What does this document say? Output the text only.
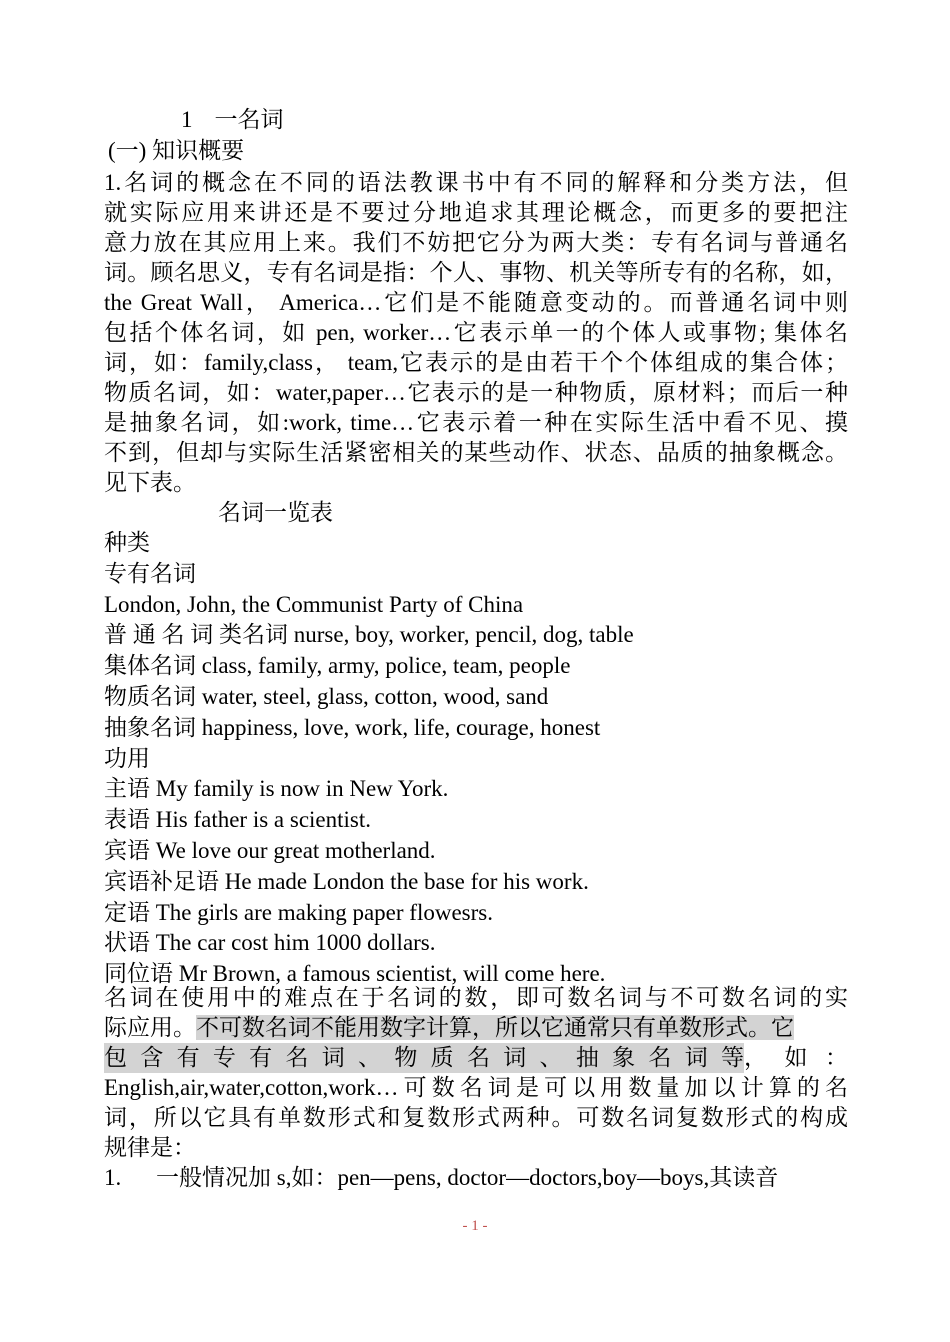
1 一名词
(一) 知识概要
1.名词的概念在不同的语法教课书中有不同的解释和分类方法，但
就实际应用来讲还是不要过分地追求其理论概念，而更多的要把注
意力放在其应用上来。我们不妨把它分为两大类：专有名词与普通名
词。顾名思义，专有名词是指：个人、事物、机关等所专有的名称，如，
the Great Wall， America…它们是不能随意变动的。而普通名词中则
包括个体名词，如 pen, worker…它表示单一的个体人或事物; 集体名
词，如：family,class， team,它表示的是由若干个个体组成的集合体；
物质名词，如：water,paper…它表示的是一种物质，原材料；而后一种
是抽象名词，如:work, time…它表示着一种在实际生活中看不见、摸
不到，但却与实际生活紧密相关的某些动作、状态、品质的抽象概念。
见下表。
名词一览表
种类
专有名词
London, John, the Communist Party of China
普 通 名 词 类名词 nurse, boy, worker, pencil, dog, table
集体名词 class, family, army, police, team, people
物质名词 water, steel, glass, cotton, wood, sand
抽象名词 happiness, love, work, life, courage, honest
功用
主语 My family is now in New York.
表语 His father is a scientist.
宾语 We love our great motherland.
宾语补足语 He made London the base for his work.
定语 The girls are making paper flowesrs.
状语 The car cost him 1000 dollars.
同位语 Mr Brown, a famous scientist, will come here.
名词在使用中的难点在于名词的数，即可数名词与不可数名词的实
际应用。不可数名词不能用数字计算，所以它通常只有单数形式。它
包 含 有 专 有 名 词 、 物 质 名 词 、 抽 象 名 词 等， 如 ：
English,air,water,cotton,work…可数名词是可以用数量加以计算的名
词，所以它具有单数形式和复数形式两种。可数名词复数形式的构成
规律是：
1. 一般情况加 s,如：pen—pens, doctor—doctors,boy—boys,其读音
- 1 -
